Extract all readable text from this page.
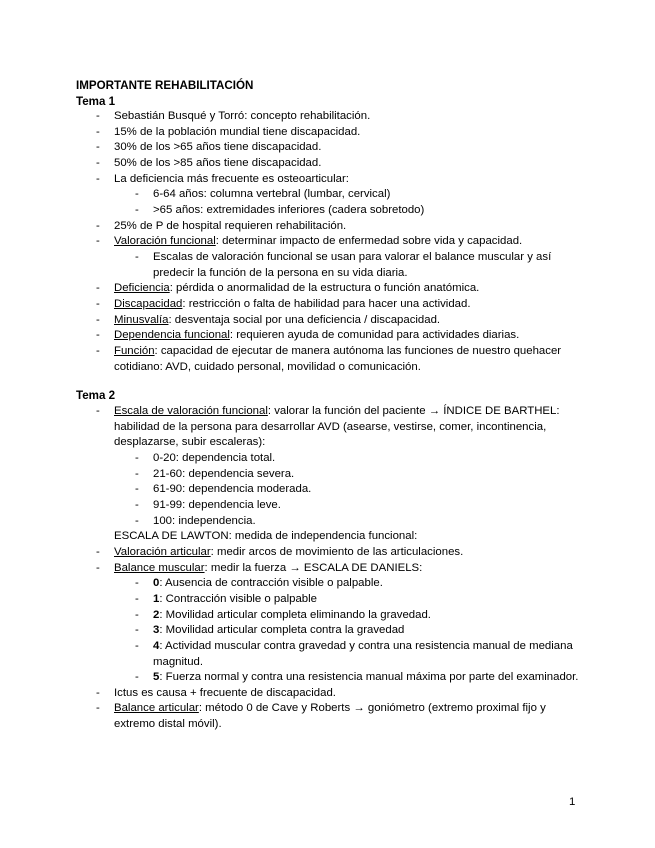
IMPORTANTE REHABILITACIÓN
Tema 1
- Sebastián Busqué y Torró: concepto rehabilitación.
- 15% de la población mundial tiene discapacidad.
- 30% de los >65 años tiene discapacidad.
- 50% de los >85 años tiene discapacidad.
- La deficiencia más frecuente es osteoarticular:
- 6-64 años: columna vertebral (lumbar, cervical)
- >65 años: extremidades inferiores (cadera sobretodo)
- 25% de P de hospital requieren rehabilitación.
- Valoración funcional: determinar impacto de enfermedad sobre vida y capacidad.
- Escalas de valoración funcional se usan para valorar el balance muscular y así predecir la función de la persona en su vida diaria.
- Deficiencia: pérdida o anormalidad de la estructura o función anatómica.
- Discapacidad: restricción o falta de habilidad para hacer una actividad.
- Minusvalía: desventaja social por una deficiencia / discapacidad.
- Dependencia funcional: requieren ayuda de comunidad para actividades diarias.
- Función: capacidad de ejecutar de manera autónoma las funciones de nuestro quehacer cotidiano: AVD, cuidado personal, movilidad o comunicación.
Tema 2
- Escala de valoración funcional: valorar la función del paciente → ÍNDICE DE BARTHEL: habilidad de la persona para desarrollar AVD (asearse, vestirse, comer, incontinencia, desplazarse, subir escaleras):
- 0-20: dependencia total.
- 21-60: dependencia severa.
- 61-90: dependencia moderada.
- 91-99: dependencia leve.
- 100: independencia.
ESCALA DE LAWTON: medida de independencia funcional:
- Valoración articular: medir arcos de movimiento de las articulaciones.
- Balance muscular: medir la fuerza → ESCALA DE DANIELS:
- 0: Ausencia de contracción visible o palpable.
- 1: Contracción visible o palpable
- 2: Movilidad articular completa eliminando la gravedad.
- 3: Movilidad articular completa contra la gravedad
- 4: Actividad muscular contra gravedad y contra una resistencia manual de mediana magnitud.
- 5: Fuerza normal y contra una resistencia manual máxima por parte del examinador.
- Ictus es causa + frecuente de discapacidad.
- Balance articular: método 0 de Cave y Roberts → goniómetro (extremo proximal fijo y extremo distal móvil).
1
